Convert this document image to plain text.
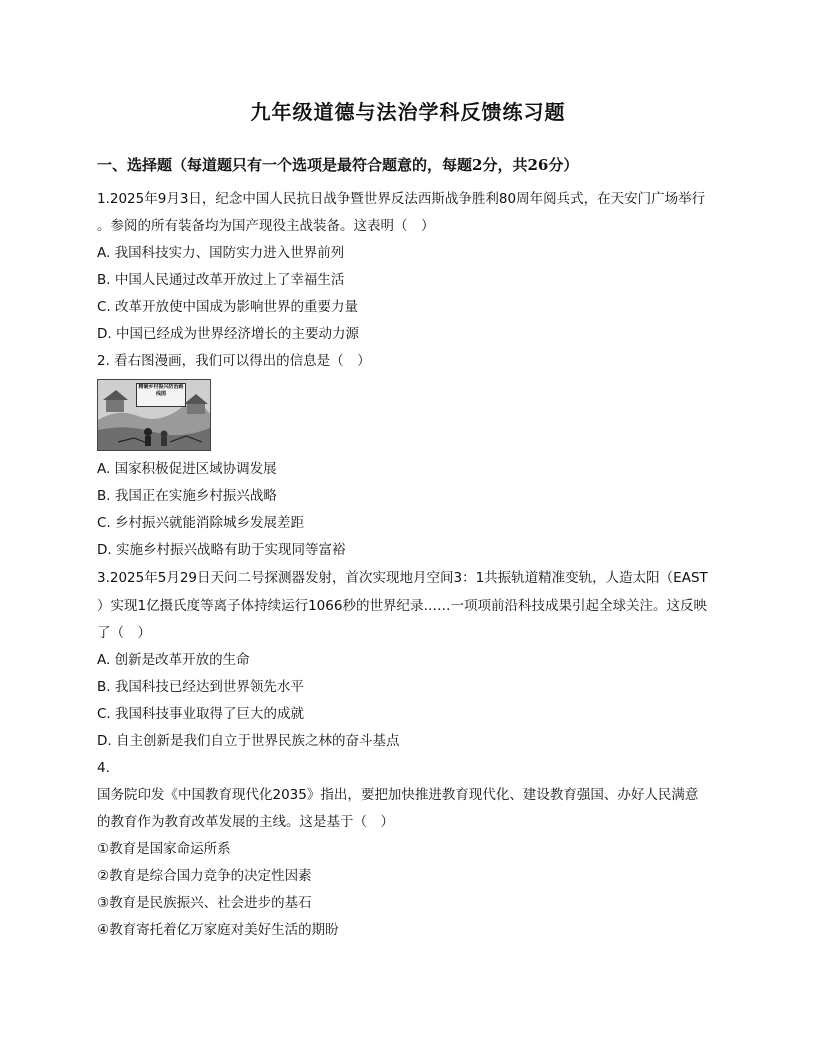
九年级道德与法治学科反馈练习题
一、选择题（每道题只有一个选项是最符合题意的，每题2分，共26分）
1.2025年9月3日，纪念中国人民抗日战争暨世界反法西斯战争胜利80周年阅兵式，在天安门广场举行
。参阅的所有装备均为国产现役主战装备。这表明（　）
A. 我国科技实力、国防实力进入世界前列
B. 中国人民通过改革开放过上了幸福生活
C. 改革开放使中国成为影响世界的重要力量
D. 中国已经成为世界经济增长的主要动力源
2. 看右图漫画，我们可以得出的信息是（　）
精确乡村振兴防治路线图
A. 国家积极促进区域协调发展
B. 我国正在实施乡村振兴战略
C. 乡村振兴就能消除城乡发展差距
D. 实施乡村振兴战略有助于实现同等富裕
3.2025年5月29日天问二号探测器发射，首次实现地月空间3：1共振轨道精准变轨，人造太阳（EAST
）实现1亿摄氏度等离子体持续运行1066秒的世界纪录……一项项前沿科技成果引起全球关注。这反映
了（　）
A. 创新是改革开放的生命
B. 我国科技已经达到世界领先水平
C. 我国科技事业取得了巨大的成就
D. 自主创新是我们自立于世界民族之林的奋斗基点
4.
国务院印发《中国教育现代化2035》指出，要把加快推进教育现代化、建设教育强国、办好人民满意
的教育作为教育改革发展的主线。这是基于（　）
①教育是国家命运所系
②教育是综合国力竞争的决定性因素
③教育是民族振兴、社会进步的基石
④教育寄托着亿万家庭对美好生活的期盼
